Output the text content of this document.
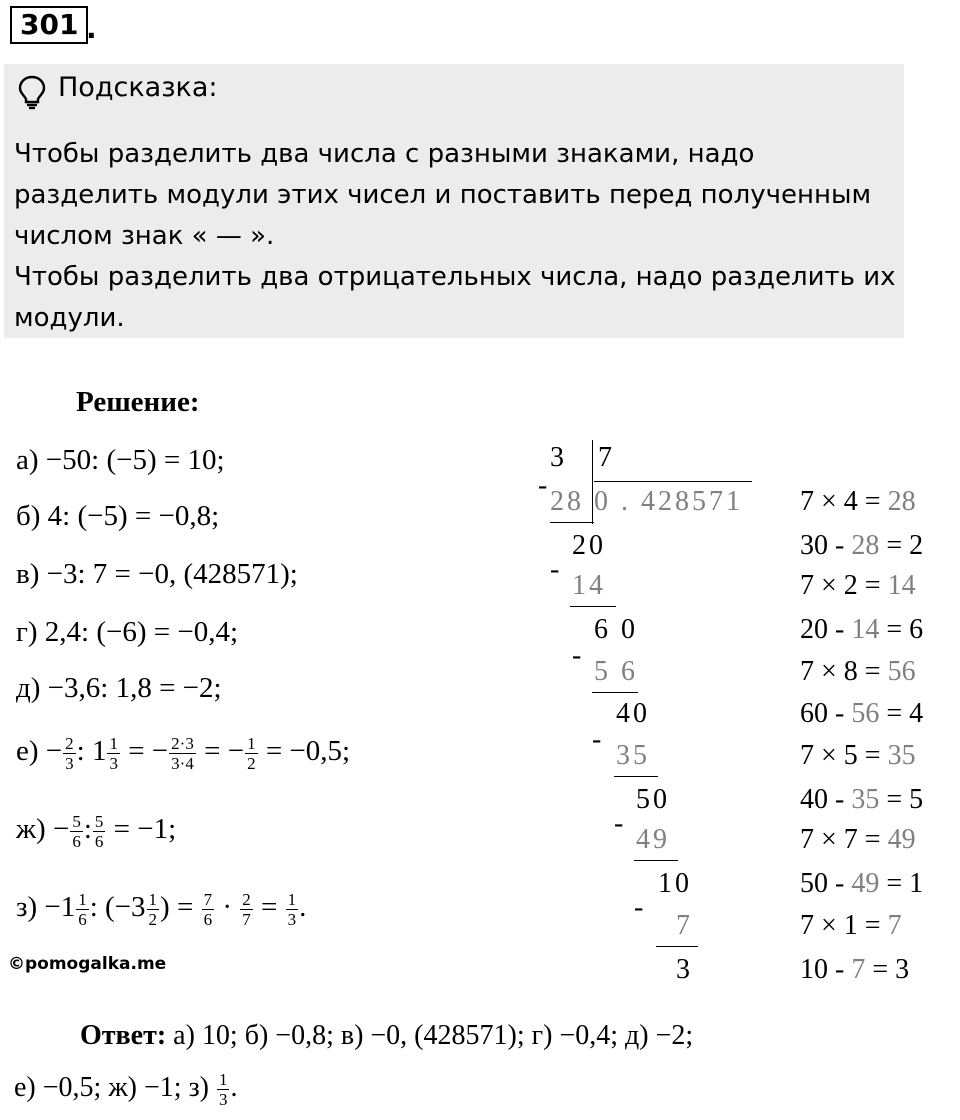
301 .
Подсказка:
Чтобы разделить два числа с разными знаками, надо разделить модули этих чисел и поставить перед полученным числом знак « — ».
Чтобы разделить два отрицательных числа, надо разделить их модули.
Решение:
а) −50: (−5) = 10;
б) 4: (−5) = −0,8;
в) −3: 7 = −0, (428571);
г) 2,4: (−6) = −0,4;
д) −3,6: 1,8 = −2;
$е) - \frac{2}{3}$ : $1 \frac{1}{3}$ = − $\frac{2\cdot 3}{3\cdot 4}$ = − $\frac{1}{2} = -0,5$;
$ж) - \frac{5}{6}$ : $\frac{5}{6} = -1$;
$з) -1 \frac{1}{6}$ : ($-3 \frac{1}{2}$ ) = $\frac{7}{6} \cdot \frac{2}{7} = \frac{1}{3}$ .
©pomogalka.me
3 7
0 . 428571
-
28
20
-
14
6 0
-
5 6
40
-
35
50
-
49
10
-
7
3
7 × 4 = 28
30 - 28 = 2
7 × 2 = 14
20 - 14 = 6
7 × 8 = 56
60 - 56 = 4
7 × 5 = 35
40 - 35 = 5
7 × 7 = 49
50 - 49 = 1
7 × 1 = 7
10 - 7 = 3
Ответ: а) 10; б) −0,8; в) −0, (428571); г) −0,4; д) −2;
е) −0,5; ж) −1; $з) \frac{1}{3}$ .
